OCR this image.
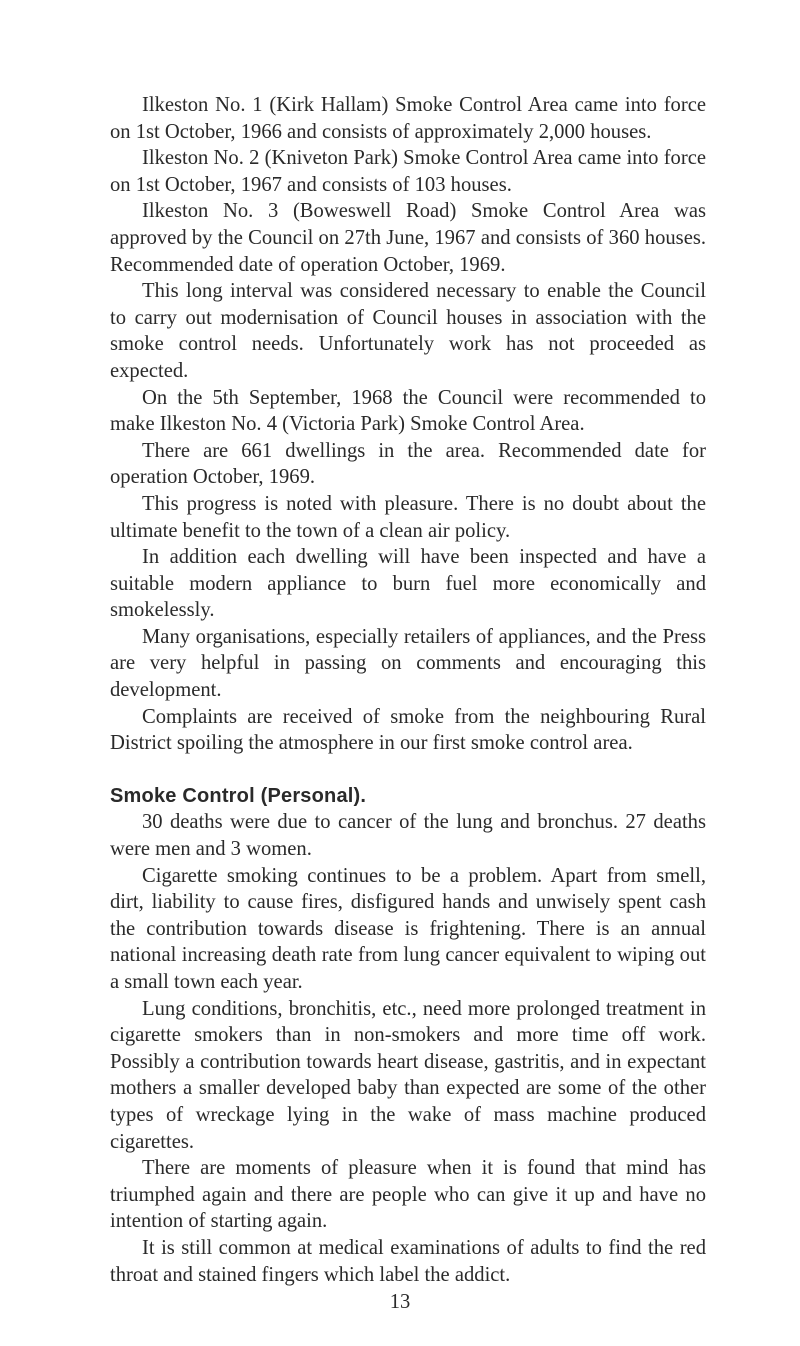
Ilkeston No. 1 (Kirk Hallam) Smoke Control Area came into force on 1st October, 1966 and consists of approximately 2,000 houses.

Ilkeston No. 2 (Kniveton Park) Smoke Control Area came into force on 1st October, 1967 and consists of 103 houses.

Ilkeston No. 3 (Boweswell Road) Smoke Control Area was approved by the Council on 27th June, 1967 and consists of 360 houses. Recommended date of operation October, 1969.

This long interval was considered necessary to enable the Council to carry out modernisation of Council houses in association with the smoke control needs. Unfortunately work has not proceeded as expected.

On the 5th September, 1968 the Council were recommended to make Ilkeston No. 4 (Victoria Park) Smoke Control Area.

There are 661 dwellings in the area. Recommended date for operation October, 1969.

This progress is noted with pleasure. There is no doubt about the ultimate benefit to the town of a clean air policy.

In addition each dwelling will have been inspected and have a suitable modern appliance to burn fuel more economically and smokelessly.

Many organisations, especially retailers of appliances, and the Press are very helpful in passing on comments and encouraging this development.

Complaints are received of smoke from the neighbouring Rural District spoiling the atmosphere in our first smoke control area.

Smoke Control (Personal).

30 deaths were due to cancer of the lung and bronchus. 27 deaths were men and 3 women.

Cigarette smoking continues to be a problem. Apart from smell, dirt, liability to cause fires, disfigured hands and unwisely spent cash the contribution towards disease is frightening. There is an annual national increasing death rate from lung cancer equivalent to wiping out a small town each year.

Lung conditions, bronchitis, etc., need more prolonged treatment in cigarette smokers than in non-smokers and more time off work. Possibly a contribution towards heart disease, gastritis, and in expectant mothers a smaller developed baby than expected are some of the other types of wreckage lying in the wake of mass machine produced cigarettes.

There are moments of pleasure when it is found that mind has triumphed again and there are people who can give it up and have no intention of starting again.

It is still common at medical examinations of adults to find the red throat and stained fingers which label the addict.

13
